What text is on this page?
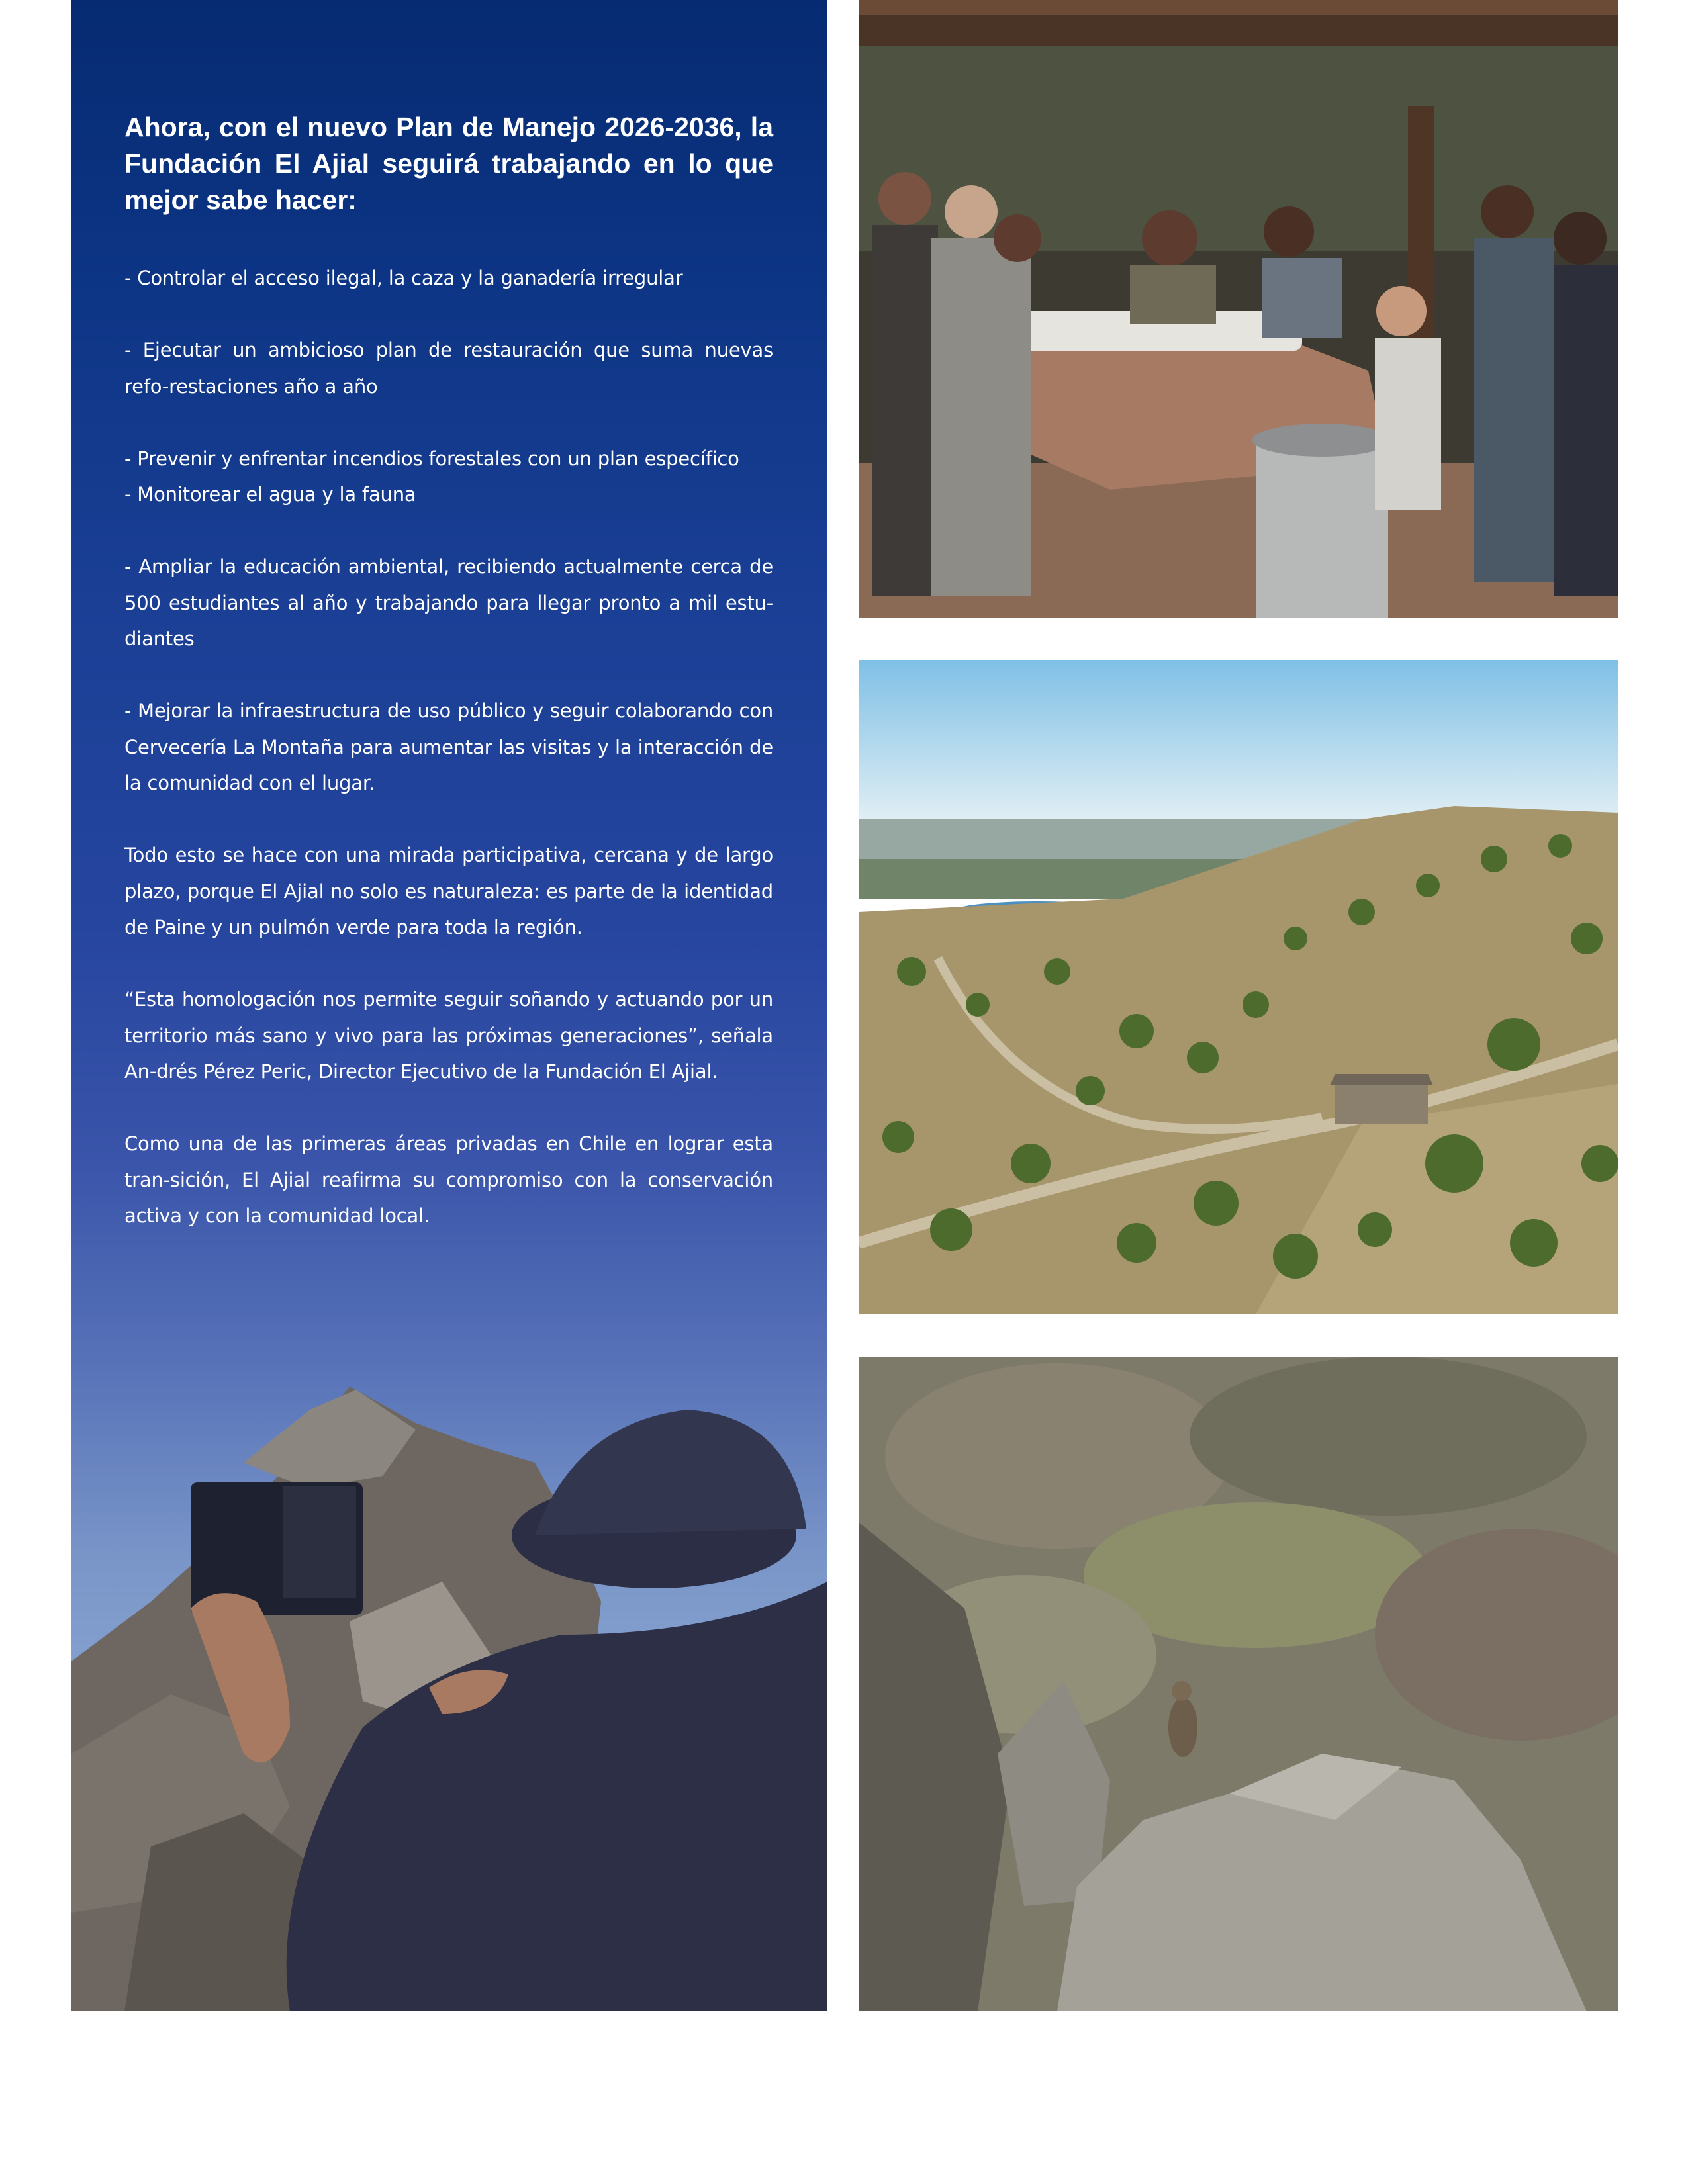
Ahora, con el nuevo Plan de Manejo 2026-2036, la Fundación El Ajial seguirá trabajando en lo que mejor sabe hacer:

- Controlar el acceso ilegal, la caza y la ganadería irregular

- Ejecutar un ambicioso plan de restauración que suma nuevas refo-restaciones año a año

- Prevenir y enfrentar incendios forestales con un plan específico

- Monitorear el agua y la fauna

- Ampliar la educación ambiental, recibiendo actualmente cerca de 500 estudiantes al año y trabajando para llegar pronto a mil estu-diantes

- Mejorar la infraestructura de uso público y seguir colaborando con Cervecería La Montaña para aumentar las visitas y la interacción de la comunidad con el lugar.

Todo esto se hace con una mirada participativa, cercana y de largo plazo, porque El Ajial no solo es naturaleza: es parte de la identidad de Paine y un pulmón verde para toda la región.

“Esta homologación nos permite seguir soñando y actuando por un territorio más sano y vivo para las próximas generaciones”, señala An-drés Pérez Peric, Director Ejecutivo de la Fundación El Ajial.

Como una de las primeras áreas privadas en Chile en lograr esta tran-sición, El Ajial reafirma su compromiso con la conservación activa y con la comunidad local.
